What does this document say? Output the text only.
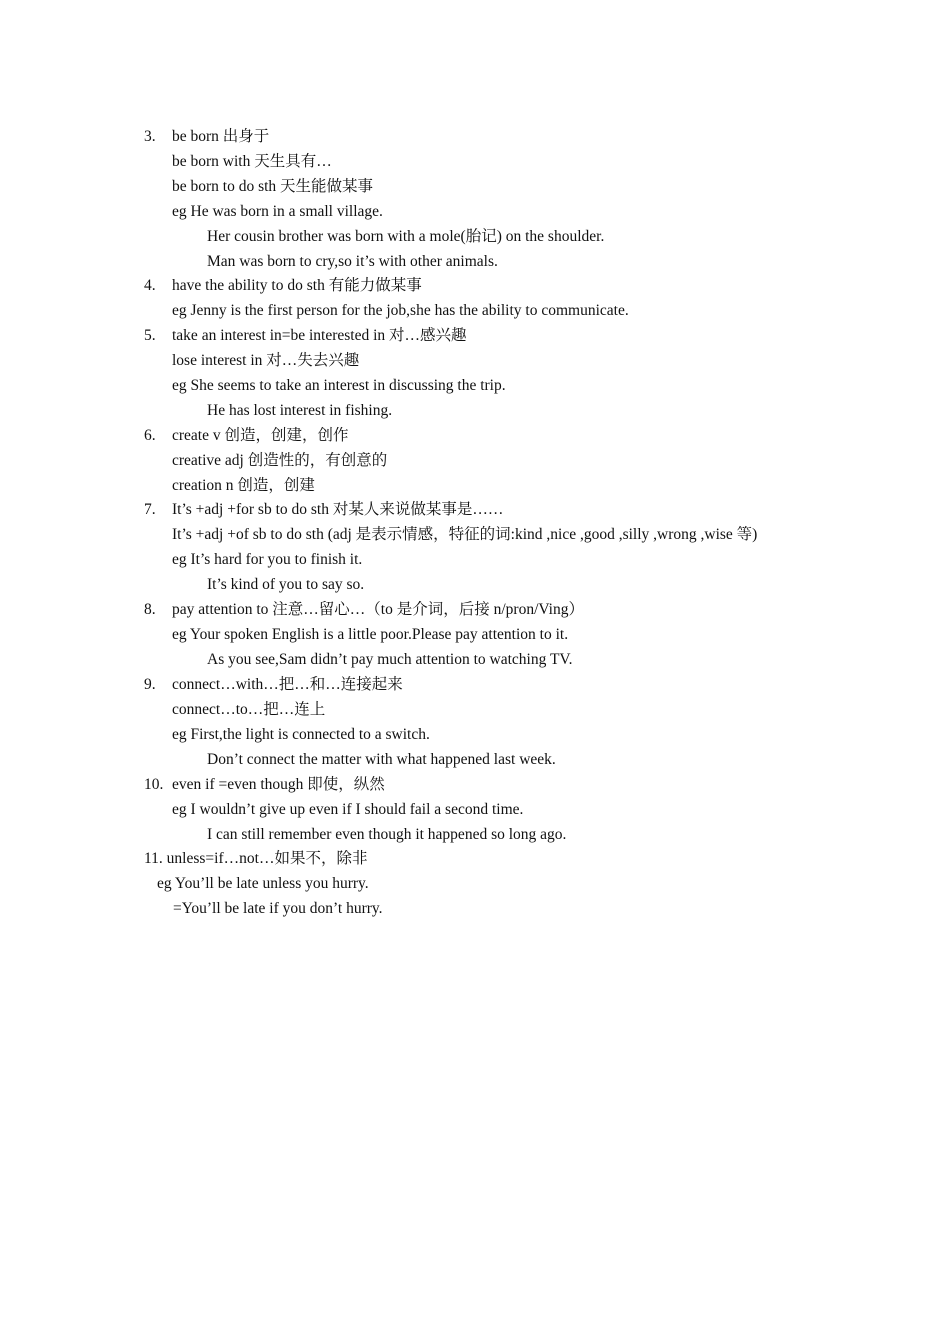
3. be born 出身于
be born with 天生具有…
be born to do sth 天生能做某事
eg He was born in a small village.
Her cousin brother was born with a mole(胎记) on the shoulder.
Man was born to cry,so it’s with other animals.
4. have the ability to do sth 有能力做某事
eg Jenny is the first person for the job,she has the ability to communicate.
5. take an interest in=be interested in 对…感兴趣
lose interest in 对…失去兴趣
eg She seems to take an interest in discussing the trip.
He has lost interest in fishing.
6. create v 创造，创建，创作
creative adj 创造性的，有创意的
creation n 创造，创建
7. It’s +adj +for sb to do sth 对某人来说做某事是……
It’s +adj +of sb to do sth (adj 是表示情感，特征的词:kind ,nice ,good ,silly ,wrong ,wise 等)
eg It’s hard for you to finish it.
It’s kind of you to say so.
8. pay attention to 注意…留心…（to 是介词，后接 n/pron/Ving）
eg Your spoken English is a little poor.Please pay attention to it.
As you see,Sam didn’t pay much attention to watching TV.
9. connect…with…把…和…连接起来
connect…to…把…连上
eg First,the light is connected to a switch.
Don’t connect the matter with what happened last week.
10. even if =even though 即使，纵然
eg I wouldn’t give up even if I should fail a second time.
I can still remember even though it happened so long ago.
11. unless=if…not…如果不，除非
eg You’ll be late unless you hurry.
=You’ll be late if you don’t hurry.
